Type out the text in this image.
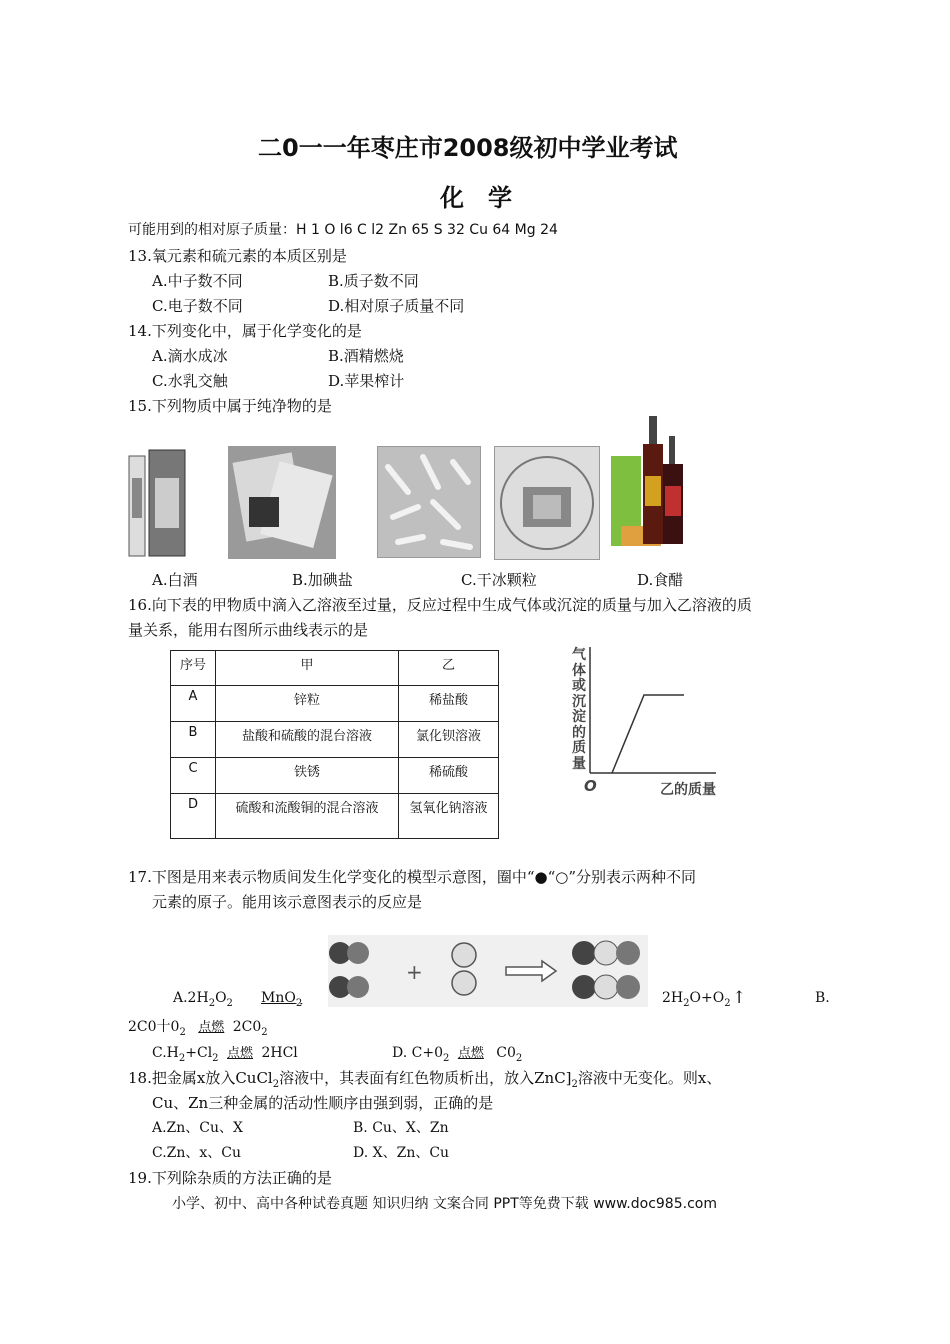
二0一一年枣庄市2008级初中学业考试
化　学
可能用到的相对原子质量：H 1 O l6 C l2 Zn 65 S 32 Cu 64 Mg 24
13.氧元素和硫元素的本质区别是
A.中子数不同	B.质子数不同
C.电子数不同	D.相对原子质量不同
14.下列变化中，属于化学变化的是
A.滴水成冰	B.酒精燃烧
C.水乳交触	D.苹果榨计
15.下列物质中属于纯净物的是
A.白酒	B.加碘盐	C.干冰颗粒	D.食醋
16.向下表的甲物质中滴入乙溶液至过量，反应过程中生成气体或沉淀的质量与加入乙溶液的质
量关系，能用右图所示曲线表示的是
序号	甲	乙
A	锌粒	稀盐酸
B	盐酸和硫酸的混台溶液	氯化钡溶液
C	铁锈	稀硫酸
D	硫酸和流酸铜的混合溶液	氢氧化钠溶液
气体或沉淀的质量
O	乙的质量
17.下图是用来表示物质间发生化学变化的模型示意图，圈中“●“○”分别表示两种不同
元素的原子。能用该示意图表示的反应是
+
$A.2H_2O_2$ MnO$_2$	$2H_2O+O_2$ ↑	B.
2C0十$0_2$ 点燃 $2C0_2$
$C.H_2+Cl_2$ 点燃 2HCl	D. $C+0_2$ 点燃 $C0_2$
18.把金属x放入CuCl$_2$溶液中，其表面有红色物质析出，放入$ZnC]_2$溶液中无变化。则x、
Cu、Zn三种金属的活动性顺序由强到弱，正确的是
A.Zn、Cu、X	B. Cu、X、Zn
C.Zn、x、Cu	D. X、Zn、Cu
19.下列除杂质的方法正确的是
小学、初中、高中各种试卷真题 知识归纳 文案合同 PPT等免费下载 www.doc985.com
